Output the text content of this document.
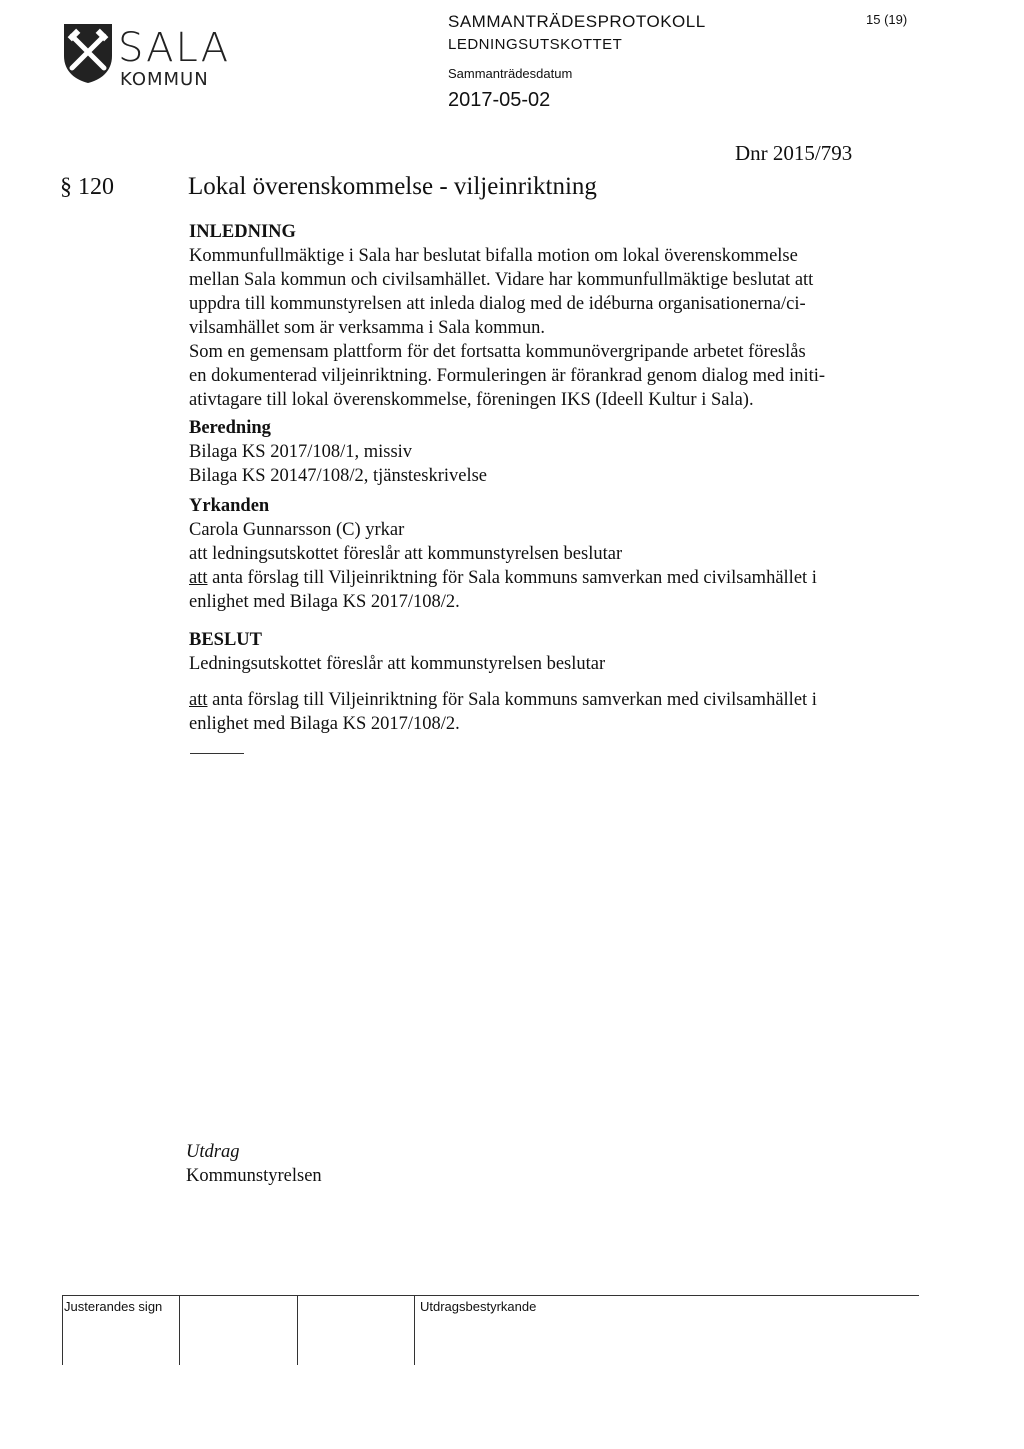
SALA
KOMMUN
SAMMANTRÄDESPROTOKOLL
LEDNINGSUTSKOTTET
Sammanträdesdatum
2017-05-02
15 (19)
Dnr 2015/793
§ 120	Lokal överenskommelse - viljeinriktning

INLEDNING

Kommunfullmäktige i Sala har beslutat bifalla motion om lokal överenskommelse

mellan Sala kommun och civilsamhället. Vidare har kommunfullmäktige beslutat att

uppdra till kommunstyrelsen att inleda dialog med de idéburna organisationerna/ci-

vilsamhället som är verksamma i Sala kommun.

Som en gemensam plattform för det fortsatta kommunövergripande arbetet föreslås

en dokumenterad viljeinriktning. Formuleringen är förankrad genom dialog med initi-

ativtagare till lokal överenskommelse, föreningen IKS (Ideell Kultur i Sala).

Beredning

Bilaga KS 2017/108/1, missiv

Bilaga KS 20147/108/2, tjänsteskrivelse

Yrkanden

Carola Gunnarsson (C) yrkar

att ledningsutskottet föreslår att kommunstyrelsen beslutar

att anta förslag till Viljeinriktning för Sala kommuns samverkan med civilsamhället i

enlighet med Bilaga KS 2017/108/2.

BESLUT

Ledningsutskottet föreslår att kommunstyrelsen beslutar

att anta förslag till Viljeinriktning för Sala kommuns samverkan med civilsamhället i

enlighet med Bilaga KS 2017/108/2.

Utdrag
Kommunstyrelsen
Justerandes sign	Utdragsbestyrkande
